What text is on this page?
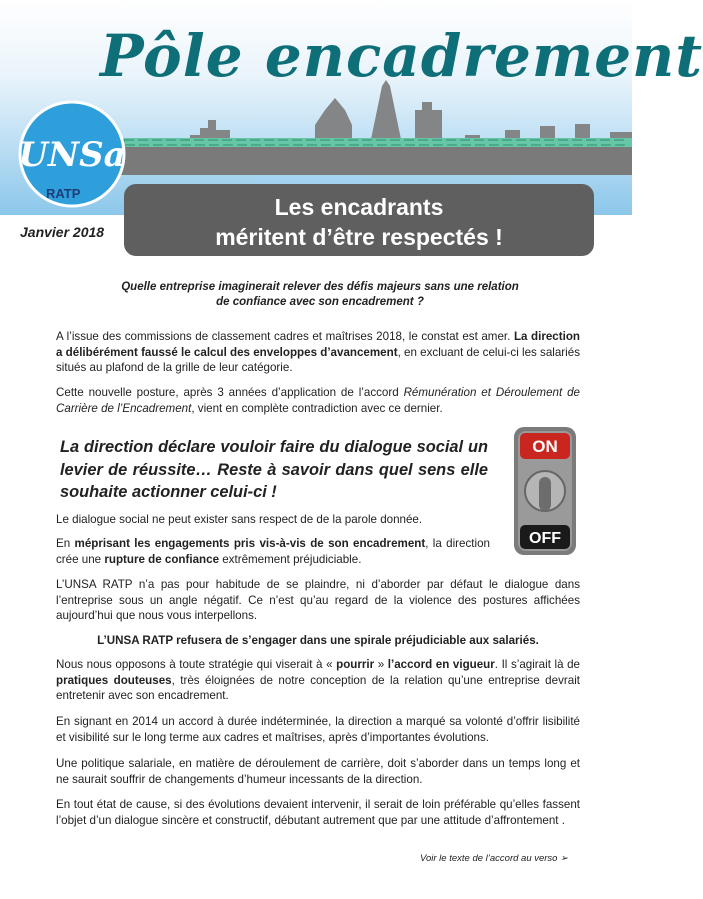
Pôle encadrement
UNSa
RATP
Janvier 2018
Les encadrants
méritent d’être respectés !
Quelle entreprise imaginerait relever des défis majeurs sans une relation
de confiance avec son encadrement ?
A l’issue des commissions de classement cadres et maîtrises 2018, le constat est amer. La direction a délibérément faussé le calcul des enveloppes d’avancement, en excluant de celui-ci les salariés situés au plafond de la grille de leur catégorie.
Cette nouvelle posture, après 3 années d’application de l’accord Rémunération et Déroulement de Carrière de l’Encadrement, vient en complète contradiction avec ce dernier.
La direction déclare vouloir faire du dialogue social un levier de réussite… Reste à savoir dans quel sens elle souhaite actionner celui-ci !
ON
OFF
Le dialogue social ne peut exister sans respect de de la parole donnée.
En méprisant les engagements pris vis-à-vis de son encadrement, la direction crée une rupture de confiance extrêmement préjudiciable.
L’UNSA RATP n’a pas pour habitude de se plaindre, ni d’aborder par défaut le dialogue dans l’entreprise sous un angle négatif. Ce n’est qu’au regard de la violence des postures affichées aujourd’hui que nous vous interpellons.
L’UNSA RATP refusera de s’engager dans une spirale préjudiciable aux salariés.
Nous nous opposons à toute stratégie qui viserait à « pourrir » l’accord en vigueur. Il s’agirait là de pratiques douteuses, très éloignées de notre conception de la relation qu’une entreprise devrait entretenir avec son encadrement.
En signant en 2014 un accord à durée indéterminée, la direction a marqué sa volonté d’offrir lisibilité et visibilité sur le long terme aux cadres et maîtrises, après d’importantes évolutions.
Une politique salariale, en matière de déroulement de carrière, doit s’aborder dans un temps long et ne saurait souffrir de changements d’humeur incessants de la direction.
En tout état de cause, si des évolutions devaient intervenir, il serait de loin préférable qu’elles fassent l’objet d’un dialogue sincère et constructif, débutant autrement que par une attitude d’affrontement .
Voir le texte de l’accord au verso ➢
